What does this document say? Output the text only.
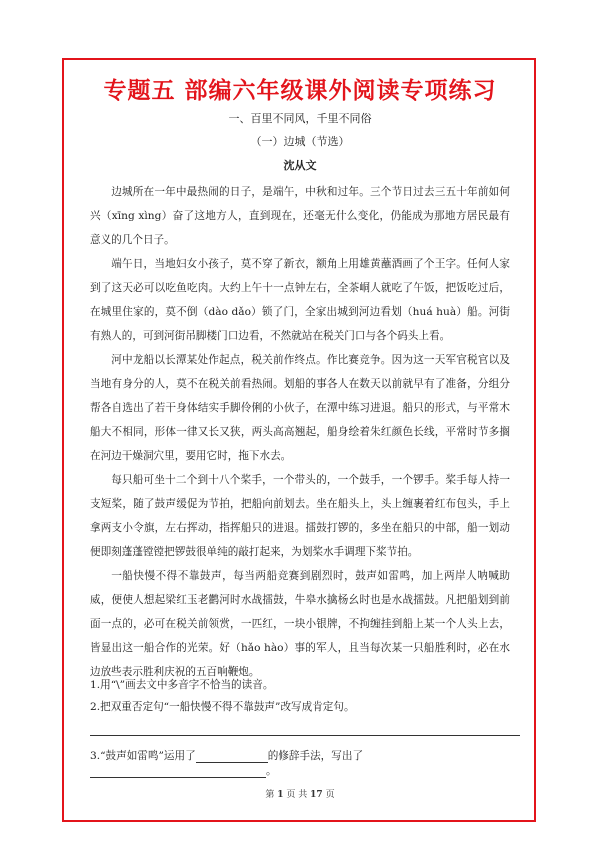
专题五 部编六年级课外阅读专项练习
一、百里不同风，千里不同俗
（一）边城（节选）
沈从文

边城所在一年中最热闹的日子，是端午，中秋和过年。三个节日过去三五十年前如何兴（xīng xìng）奋了这地方人，直到现在，还毫无什么变化，仍能成为那地方居民最有意义的几个日子。

端午日，当地妇女小孩子，莫不穿了新衣，额角上用雄黄蘸酒画了个王字。任何人家到了这天必可以吃鱼吃肉。大约上午十一点钟左右，全茶峒人就吃了午饭，把饭吃过后，在城里住家的，莫不倒（dào dǎo）锁了门，全家出城到河边看划（huá huà）船。河街有熟人的，可到河街吊脚楼门口边看，不然就站在税关门口与各个码头上看。

河中龙船以长潭某处作起点，税关前作终点。作比赛竞争。因为这一天军官税官以及当地有身分的人，莫不在税关前看热闹。划船的事各人在数天以前就早有了准备，分组分帮各自选出了若干身体结实手脚伶俐的小伙子，在潭中练习进退。船只的形式，与平常木船大不相同，形体一律又长又狭，两头高高翘起，船身绘着朱红颜色长线，平常时节多搁在河边干燥洞穴里，要用它时，拖下水去。

每只船可坐十二个到十八个桨手，一个带头的，一个鼓手，一个锣手。桨手每人持一支短桨，随了鼓声缓促为节拍，把船向前划去。坐在船头上，头上缠裹着红布包头，手上拿两支小令旗，左右挥动，指挥船只的进退。擂鼓打锣的，多坐在船只的中部，船一划动便即刻蓬蓬镗镗把锣鼓很单纯的敲打起来，为划桨水手调理下桨节拍。

一船快慢不得不靠鼓声，每当两船竞赛到剧烈时，鼓声如雷鸣，加上两岸人呐喊助威，便使人想起梁红玉老鹳河时水战擂鼓，牛皋水擒杨幺时也是水战擂鼓。凡把船划到前面一点的，必可在税关前领赏，一匹红，一块小银牌，不拘缠挂到船上某一个人头上去，皆显出这一船合作的光荣。好（hǎo hào）事的军人，且当每次某一只船胜利时，必在水边放些表示胜利庆祝的五百响鞭炮。

1.用“\”画去文中多音字不恰当的读音。
2.把双重否定句“一船快慢不得不靠鼓声”改写成肯定句。
3.“鼓声如雷鸣”运用了	的修辞手法，写出了。
第 1 页 共 17 页
